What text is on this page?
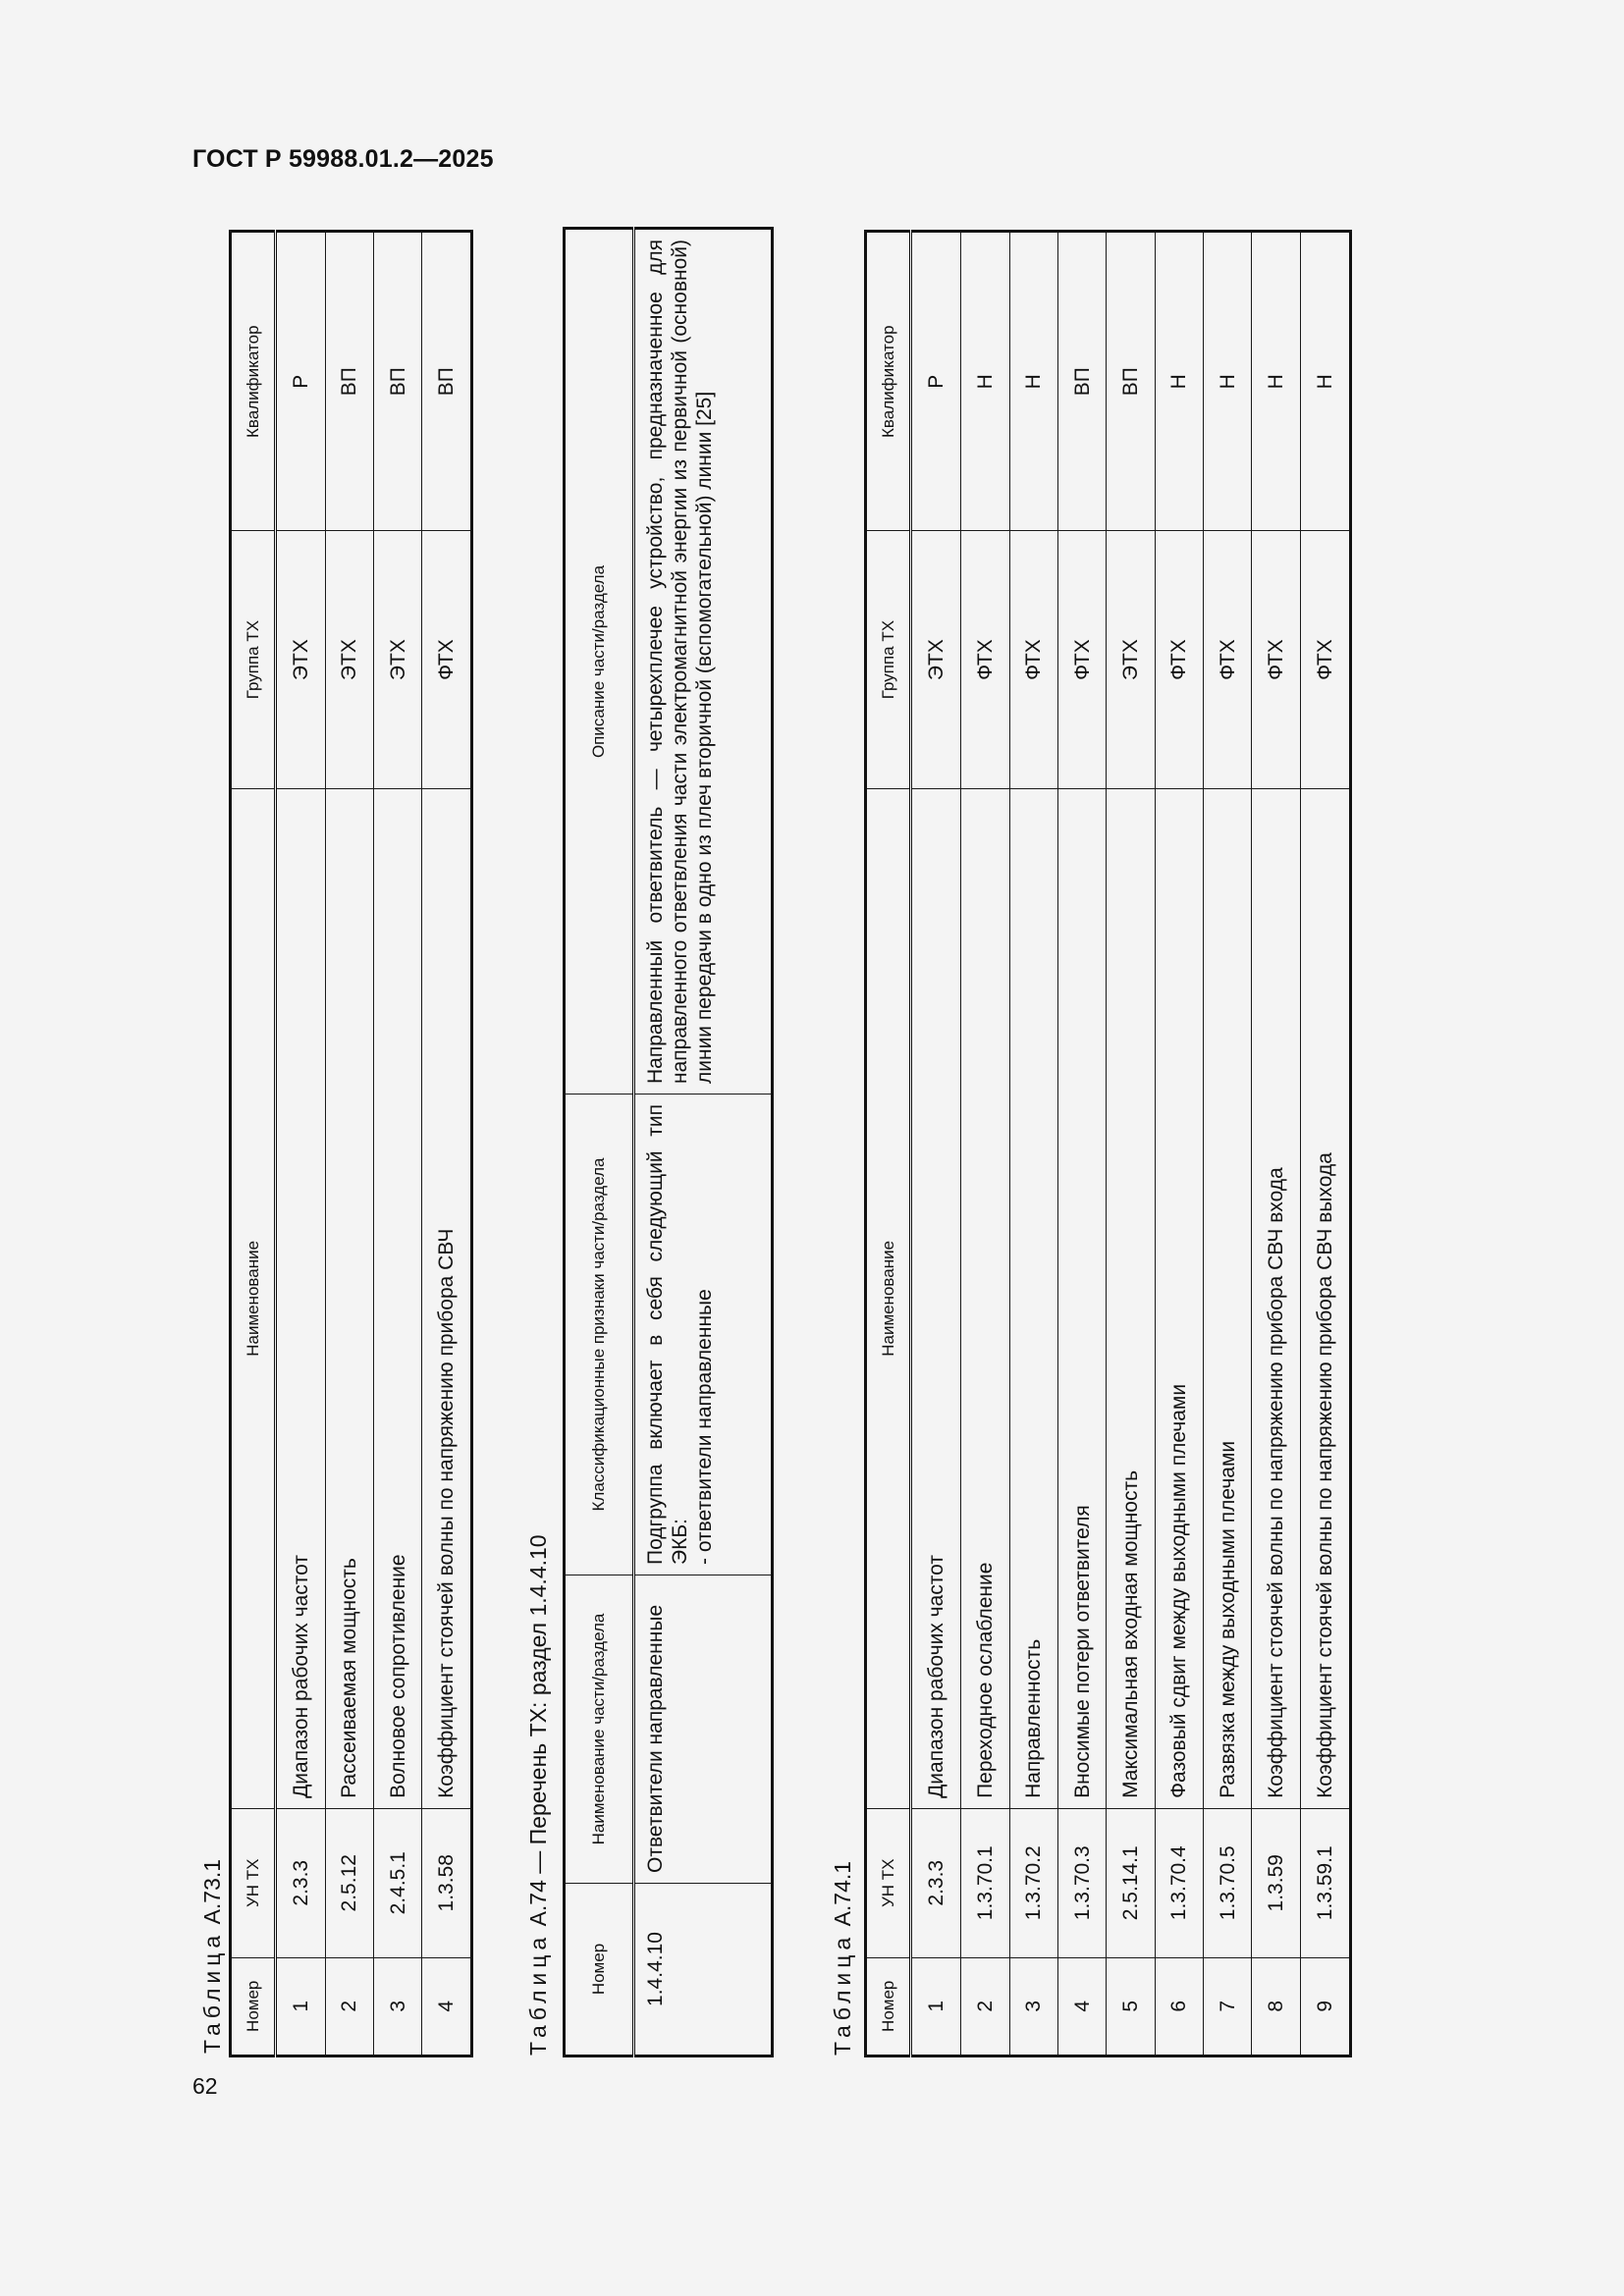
ГОСТ Р 59988.01.2—2025
62
Таблица А.73.1
Номер	УН ТХ	Наименование	Группа ТХ	Квалификатор
1	2.3.3	Диапазон рабочих частот	ЭТХ	Р
2	2.5.12	Рассеиваемая мощность	ЭТХ	ВП
3	2.4.5.1	Волновое сопротивление	ЭТХ	ВП
4	1.3.58	Коэффициент стоячей волны по напряжению прибора СВЧ	ФТХ	ВП
Таблица А.74 — Перечень ТХ: раздел 1.4.4.10
Номер	Наименование части/раздела	Классификационные признаки части/раздела	Описание части/раздела
1.4.4.10	Ответвители направленные	Подгруппа включает в себя следующий тип ЭКБ: - ответвители направленные	Направленный ответвитель — четырехплечее устройство, предназначенное для направленного ответвления части электромагнитной энергии из первичной (основной) линии передачи в одно из плеч вторичной (вспомогательной) линии [25]
Таблица А.74.1
Номер	УН ТХ	Наименование	Группа ТХ	Квалификатор
1	2.3.3	Диапазон рабочих частот	ЭТХ	Р
2	1.3.70.1	Переходное ослабление	ФТХ	Н
3	1.3.70.2	Направленность	ФТХ	Н
4	1.3.70.3	Вносимые потери ответвителя	ФТХ	ВП
5	2.5.14.1	Максимальная входная мощность	ЭТХ	ВП
6	1.3.70.4	Фазовый сдвиг между выходными плечами	ФТХ	Н
7	1.3.70.5	Развязка между выходными плечами	ФТХ	Н
8	1.3.59	Коэффициент стоячей волны по напряжению прибора СВЧ входа	ФТХ	Н
9	1.3.59.1	Коэффициент стоячей волны по напряжению прибора СВЧ выхода	ФТХ	Н
